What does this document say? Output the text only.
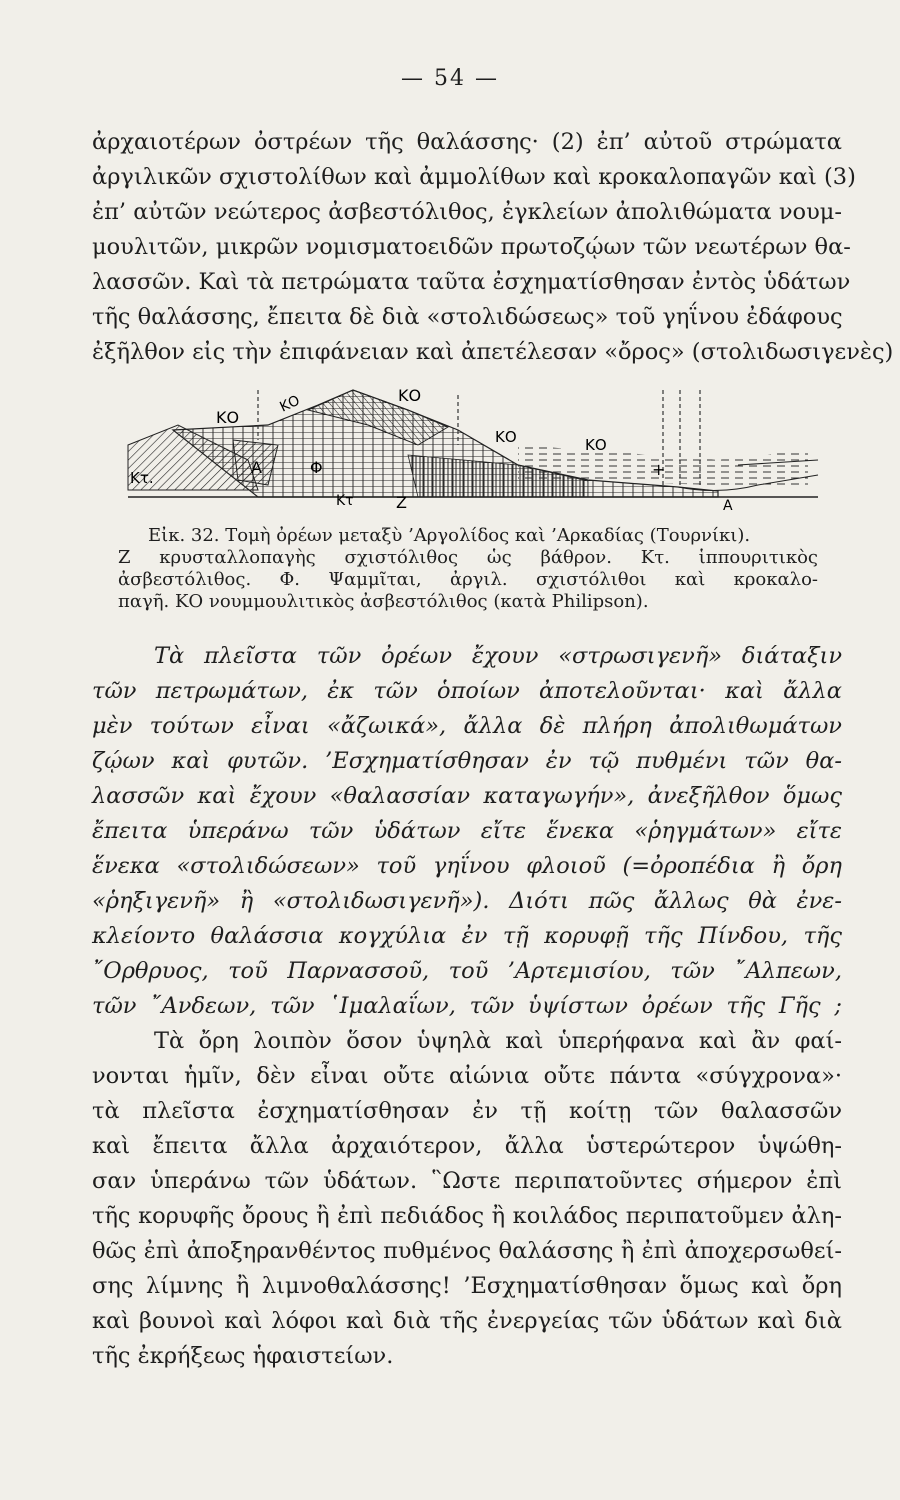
— 54 —
ἀρχαιοτέρων ὀστρέων τῆς θαλάσσης· (2) ἐπ’ αὐτοῦ στρώματα
ἀργιλικῶν σχιστολίθων καὶ ἀμμολίθων καὶ κροκαλοπαγῶν καὶ (3)
ἐπ’ αὐτῶν νεώτερος ἀσβεστόλιθος, ἐγκλείων ἀπολιθώματα νουμ-
μουλιτῶν, μικρῶν νομισματοειδῶν πρωτοζῴων τῶν νεωτέρων θα-
λασσῶν. Καὶ τὰ πετρώματα ταῦτα ἐσχηματίσθησαν ἐντὸς ὑδάτων
τῆς θαλάσσης, ἔπειτα δὲ διὰ «στολιδώσεως» τοῦ γηΐνου ἐδάφους
ἐξῆλθον εἰς τὴν ἐπιφάνειαν καὶ ἀπετέλεσαν «ὄρος» (στολιδωσιγενὲς)
ΚΟ
ΚΟ	ΚΟ
ΚΟ	ΚΟ
Κτ.
Κτ
Α
Α
Φ
Ζ
+
Εἰκ. 32. Τομὴ ὀρέων μεταξὺ ’Αργολίδος καὶ ’Αρκαδίας (Τουρνίκι).
Ζ κρυσταλλοπαγὴς σχιστόλιθος ὡς βάθρον. Κτ. ἱππουριτικὸς
ἀσβεστόλιθος. Φ. Ψαμμῖται, ἀργιλ. σχιστόλιθοι καὶ κροκαλο-
παγῆ. ΚΟ νουμμουλιτικὸς ἀσβεστόλιθος (κατὰ Philipson).
Τὰ πλεῖστα τῶν ὀρέων ἔχουν «στρωσιγενῆ» διάταξιν
τῶν πετρωμάτων, ἐκ τῶν ὁποίων ἀποτελοῦνται· καὶ ἄλλα
μὲν τούτων εἶναι «ἄζωικά», ἄλλα δὲ πλήρη ἀπολιθωμάτων
ζῴων καὶ φυτῶν. ’Εσχηματίσθησαν ἐν τῷ πυθμένι τῶν θα-
λασσῶν καὶ ἔχουν «θαλασσίαν καταγωγήν», ἀνεξῆλθον ὅμως
ἔπειτα ὑπεράνω τῶν ὑδάτων εἴτε ἕνεκα «ῥηγμάτων» εἴτε
ἕνεκα «στολιδώσεων» τοῦ γηΐνου φλοιοῦ (=ὀροπέδια ἢ ὄρη
«ῥηξιγενῆ» ἢ «στολιδωσιγενῆ»). Διότι πῶς ἄλλως θὰ ἐνε-
κλείοντο θαλάσσια κογχύλια ἐν τῇ κορυφῇ τῆς Πίνδου, τῆς
῎Ορθρυος, τοῦ Παρνασσοῦ, τοῦ ’Αρτεμισίου, τῶν ῎Αλπεων,
τῶν ῎Ανδεων, τῶν ῾Ιμαλαΐων, τῶν ὑψίστων ὀρέων τῆς Γῆς ;
Τὰ ὄρη λοιπὸν ὅσον ὑψηλὰ καὶ ὑπερήφανα καὶ ἂν φαί-
νονται ἡμῖν, δὲν εἶναι οὔτε αἰώνια οὔτε πάντα «σύγχρονα»·
τὰ πλεῖστα ἐσχηματίσθησαν ἐν τῇ κοίτῃ τῶν θαλασσῶν
καὶ ἔπειτα ἄλλα ἀρχαιότερον, ἄλλα ὑστερώτερον ὑψώθη-
σαν ὑπεράνω τῶν ὑδάτων. ῝Ωστε περιπατοῦντες σήμερον ἐπὶ
τῆς κορυφῆς ὄρους ἢ ἐπὶ πεδιάδος ἢ κοιλάδος περιπατοῦμεν ἀλη-
θῶς ἐπὶ ἀποξηρανθέντος πυθμένος θαλάσσης ἢ ἐπὶ ἀποχερσωθεί-
σης λίμνης ἢ λιμνοθαλάσσης! ’Εσχηματίσθησαν ὅμως καὶ ὄρη
καὶ βουνοὶ καὶ λόφοι καὶ διὰ τῆς ἐνεργείας τῶν ὑδάτων καὶ διὰ
τῆς ἐκρήξεως ἡφαιστείων.
